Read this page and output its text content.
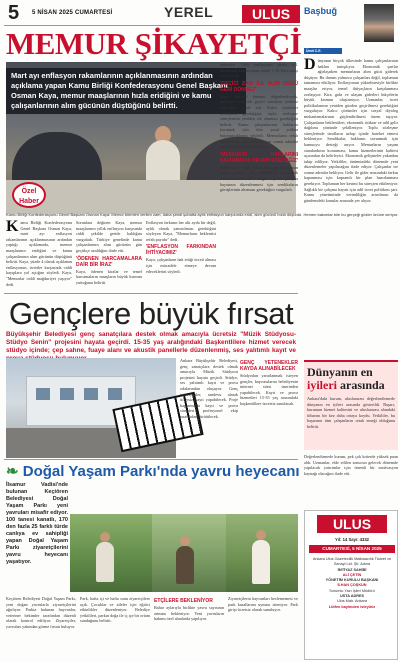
5 5 NİSAN 2025 CUMARTESİ	YEREL	ULUS
MEMUR ŞİKAYETÇİ
Mart ayı enflasyon rakamlarının açıklanmasının ardından açıklama yapan Kamu Birliği Konfederasyonu Genel Başkanı Osman Kaya, memur maaşlarının hızla eridiğini ve kamu çalışanlarının alım gücünün düştüğünü belirtti.
Özel Haber
Kamu Birliği Konfederasyonu Genel Başkanı Osman Kaya: Memur birimleri verilen zam, daha şimdi şubatta aylık enflasyon karşısında eridi, alım gücünü hızla düşürdü. Hemen bakımlar bile bu gerçeği gözler önüne seriyor.
Kamu Birliği Konfederasyonu Genel Başkanı Osman Kaya, mart ayı enflasyon rakamlarının açıklanmasının ardından yaptığı açıklamada, memur maaşlarının eridiğini ve kamu çalışanlarının alım gücünün düştüğünü belirtti. Kaya, yüzde 4 olarak açıklanan enflasyonun, ücretler karşısında ciddi kayıplara yol açtığını söyledi. Kaya, "Memurlar ciddi mağduriyet yaşıyor" dedi.
Sorunlara değinen Kaya, memur maaşlarının yıllık enflasyon karşısında ciddi şekilde geride kaldığını vurguladı. Türkiye genelinde kamu çalışanlarının alım gücünün gün geçtikçe azaldığını ifade etti.
'ÖDENEN HARCAMALARA DAİR BİR İRAZ'
Kaya, ödenen kiralar ve temel harcamaların maaşların büyük kısmını yuttuğunu belirtti.
Enflasyon farkının her altı ayda bir değil, aylık olarak yansıtılması gerektiğini söyleyen Kaya, "Memurların beklentisi refah payıdır" dedi.
'ENFLASYON FARKINDAN İHTİYACIMIZ'
Kaya, çalışanların hak ettiği ücreti alması için mücadele etmeye devam edeceklerini söyledi.
yükselen "Gıda enflasyonu yüzde 6,3. Ekonomik enflasyonun yüzde 7,76. Kira artışı yüzde 9,34.
'GEÇİCİ ZAM İLE ALIM GÜCÜ GERİ DÖNMEZ'
Kaya, mevcut durumu değerlendirerek, memura verilecek geçici zamların yetersiz kalacağını ifade etti. Kalıcı çözümler üretilmesi gerektiğini, toplu sözleşme süreçlerinin yeniden ele alınması gerektiğini belirtti. Kamu çalışanlarının haklarını korumak için tüm yasal yollara başvuracaklarını söyledi. Memurların refah seviyesinin yükseltilmesi için somut adımlar atılması gerektiğini kaydetti.
'MEMURUN HAKLARINI SAVUNMAYA DEVAM EDECEĞİZ'
Hükümete ve ilgili kurumlara çağrıda bulunan Kaya, memur ve emeklilerin ekonomik sıkıntılarla mücadele ettiğini söyledi. Çalışma hayatının düzenlenmesi için sendikaların görüşlerinin alınması gerektiğini vurguladı.
Gençlere büyük fırsat
Büyükşehir Belediyesi genç sanatçılara destek olmak amacıyla ücretsiz "Müzik Stüdyosu-Stüdyo Senin" projesini hayata geçirdi. 15-35 yaş aralığındaki Başkentlilere hizmet verecek stüdyo içinde; çep sahne, fuaye alanı ve akustik panellerle düzenlenmiş, ses yalıtımlı kayıt ve
Ankara Büyükşehir Belediyesi, genç sanatçılara destek olmak amacıyla Müzik Stüdyosu projesini hayata geçirdi. Stüdyo, ses yalıtımlı kayıt ve prova odalarından oluşuyor. Genç müzisyenler, randevu alarak ücretsiz kayıt yapabilecek. Proje kapsamında kayıt ve prova süreçleri profesyonel ekip tarafından yürütülecek.
GENÇ YETENEKLER KAYDA ALINABİLECEK
Stüdyodan yararlanmak isteyen gençler, başvurularını belediyenin internet sitesi üzerinden yapabilecek. Kayıt ve prova hizmetleri 15-35 yaş arasındaki başkentlilere ücretsiz sunulacak.
❧ Doğal Yaşam Parkı'nda yavru heyecanı
İlsamur Vadisi'nde bulunan Keçiören Belediyesi Doğal Yaşam Parkı yeni yavruları misafir ediyor. 100 tanesi kanatlı, 170 den fazla 25 farklı türde canlıya ev sahipliği yapan Doğal Yaşam Parkı ziyaretçilerini yavru heyecanı yaşatıyor.
Keçiören Belediyesi Doğal Yaşam Parkı, yeni doğan yavrularla ziyaretçilerini ağırlıyor. Parkta bulunan hayvanlar, veteriner hekimler tarafından düzenli olarak kontrol ediliyor. Ziyaretçiler, yavruları yakından görme fırsatı buluyor.
Park, hafta içi ve hafta sonu ziyaretçilere açık. Çocuklar ve aileler için eğitici etkinlikler düzenleniyor. Belediye yetkilileri, parkın doğa ile iç içe bir ortam sunduğunu belirtti.
ETÇİLERE BEKLENİYOR
Bahar aylarıyla birlikte yavru sayısının artması bekleniyor. Yeni yavruların bakımı özel alanlarda yapılıyor.
Ziyaretçilerin hayvanları beslememesi ve park kurallarına uyması isteniyor. Park girişi ücretsiz olarak sunuluyor.
Başbuğ
Ümit C.E.
Dünyanın birçok ülkesinde kamu çalışanlarının hakları tartışılıyor. Ekonomik şartlar ağırlaşırken memurların alım gücü giderek düşüyor. Bu durum yalnızca çalışanları değil, toplumun tamamını etkiliyor. Enflasyonun yükselmesiyle birlikte maaşlar eriyor, temel ihtiyaçların karşılanması zorlaşıyor. Kira, gıda ve ulaşım giderleri bütçelerin büyük kısmını oluşturuyor. Uzmanlar, ücret politikalarının yeniden gözden geçirilmesi gerektiğini vurguluyor. Kalıcı çözümler için sosyal diyalog mekanizmalarının güçlendirilmesi önem taşıyor. Çalışanların beklentileri, ekonomik istikrar ve adil gelir dağılımı yönünde şekilleniyor. Toplu sözleşme süreçlerinde tarafların uzlaşı içinde hareket etmesi bekleniyor. Sendikalar, haklarını savunmak için kamuoyu desteği arıyor. Memurların yaşam standardının korunması, kamu hizmetlerinin kalitesi açısından da belirleyici. Ekonomik gelişmeler yakından takip ediliyor. Yetkililer, önümüzdeki dönemde yeni düzenlemeler yapılacağını ifade ediyor. Çalışanlar ise somut adımlar bekliyor. Gelir ile gider arasındaki farkın kapanması için kapsamlı bir plan hazırlanması gerekiyor. Toplumun her kesimi bu süreçten etkileniyor. Sağlıklı bir çalışma hayatı için adil ücret politikası şart. Kamu yönetiminde verimliliğin artırılması da gündemdeki konular arasında yer alıyor.
Dünyanın en
iyileri arasında
Ankara'daki kurum, uluslararası değerlendirmede dünyanın en iyileri arasında gösterildi. Başarı, kurumun hizmet kalitesini ve uluslararası alandaki itibarını bir kez daha ortaya koydu. Yetkililer, bu başarının tüm çalışanların ortak emeği olduğunu belirtti.
Değerlendirmede kurum, pek çok kriterde yüksek puan aldı. Uzmanlar, elde edilen sonucun gelecek dönemde yapılacak yatırımlar için önemli bir motivasyon kaynağı olacağını ifade etti.
ULUS
Yıl: 14 Sayı: 4332
CUMARTESİ, 5 NİSAN 2025
Ankara Ulus Gazetecilik Matbaacılık Ticaret ve Sanayi Ltd. Şti. Adına
İMTİYAZ SAHİBİ
ALİ ÇETİN
YÖNETİM KURULU BAŞKANI
İLHAN ÇOŞKUN
Sorumlu Yazı İşleri Müdürü
USTA ADRES
Ulus Mah. Ankara
Lütfen bayimden isteyiniz
